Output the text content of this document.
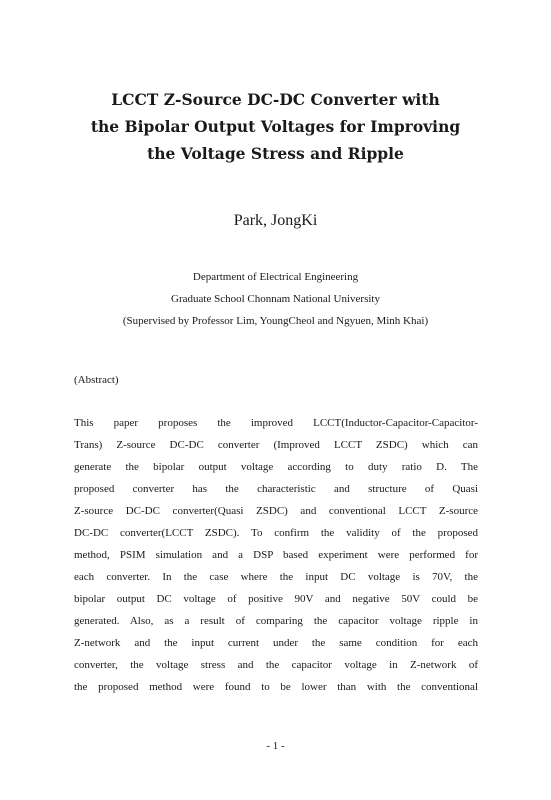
LCCT Z-Source DC-DC Converter with
the Bipolar Output Voltages for Improving
the Voltage Stress and Ripple
Park, JongKi
Department of Electrical Engineering
Graduate School Chonnam National University
(Supervised by Professor Lim, YoungCheol and Ngyuen, Minh Khai)
(Abstract)
This paper proposes the improved LCCT(Inductor-Capacitor-Capacitor-
Trans) Z-source DC-DC converter (Improved LCCT ZSDC) which can
generate the bipolar output voltage according to duty ratio D. The
proposed converter has the characteristic and structure of Quasi
Z-source DC-DC converter(Quasi ZSDC) and conventional LCCT Z-source
DC-DC converter(LCCT ZSDC). To confirm the validity of the proposed
method, PSIM simulation and a DSP based experiment were performed for
each converter. In the case where the input DC voltage is 70V, the
bipolar output DC voltage of positive 90V and negative 50V could be
generated. Also, as a result of comparing the capacitor voltage ripple in
Z-network and the input current under the same condition for each
converter, the voltage stress and the capacitor voltage in Z-network of
the proposed method were found to be lower than with the conventional
- 1 -
